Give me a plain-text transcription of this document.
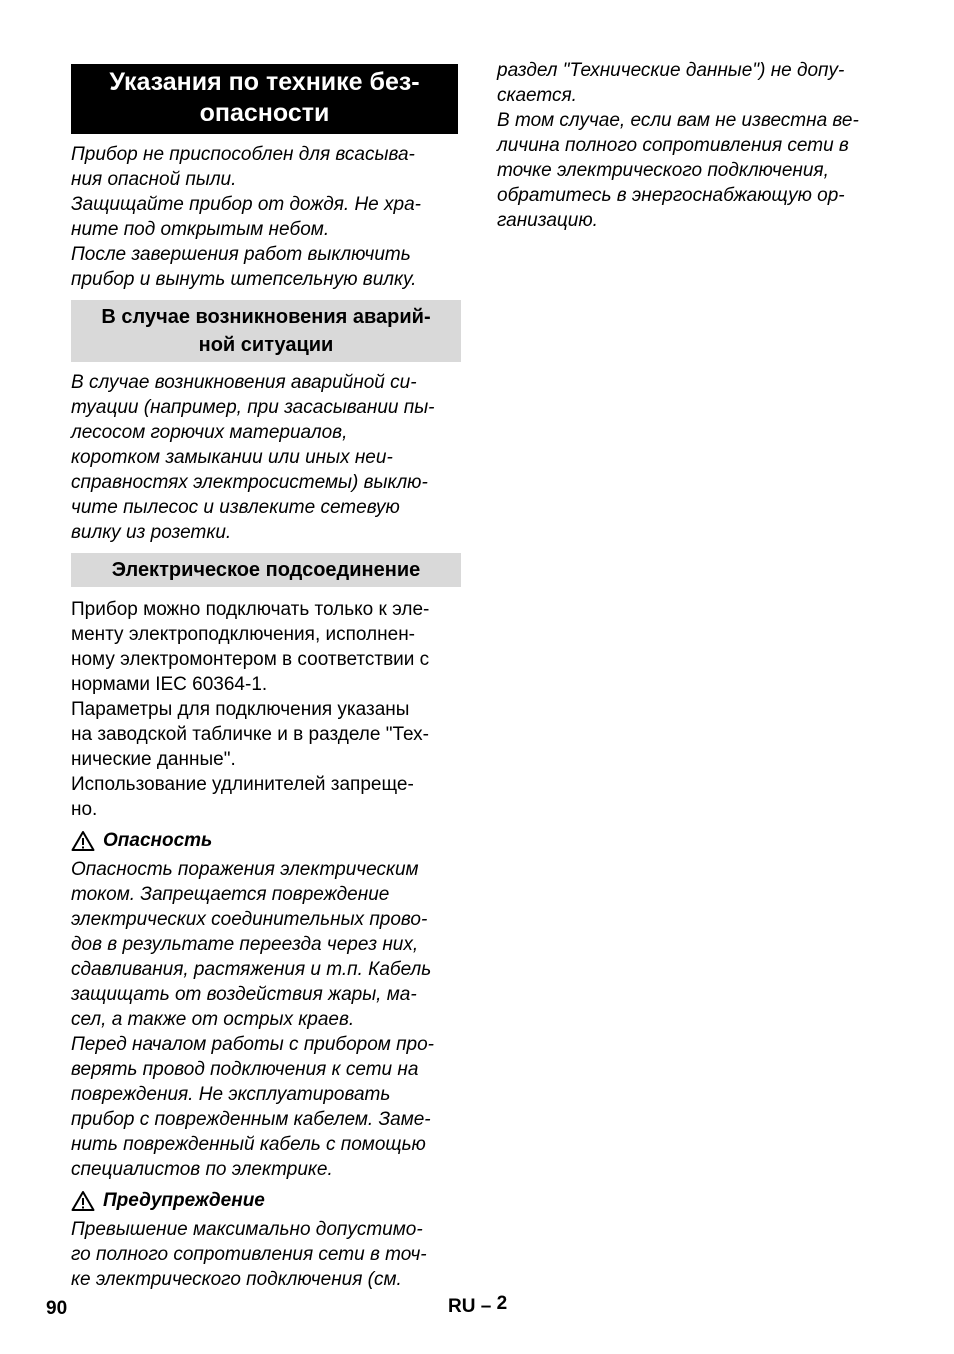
Указания по технике без-
опасности
Прибор не приспособлен для всасыва-
ния опасной пыли.
Защищайте прибор от дождя. Не хра-
ните под открытым небом.
После завершения работ выключить
прибор и вынуть штепсельную вилку.
В случае возникновения аварий-
ной ситуации
В случае возникновения аварийной си-
туации (например, при засасывании пы-
лесосом горючих материалов,
коротком замыкании или иных неи-
справностях электросистемы) выклю-
чите пылесос и извлеките сетевую
вилку из розетки.
Электрическое подсоединение
Прибор можно подключать только к эле-
менту электроподключения, исполнен-
ному электромонтером в соответствии с
нормами IEC 60364-1.
Параметры для подключения указаны
на заводской табличке и в разделе "Тех-
нические данные".
Использование удлинителей запреще-
но.
Опасность
Опасность поражения электрическим
током. Запрещается повреждение
электрических соединительных прово-
дов в результате переезда через них,
сдавливания, растяжения и т.п. Кабель
защищать от воздействия жары, ма-
сел, а также от острых краев.
Перед началом работы с прибором про-
верять провод подключения к сети на
повреждения. Не эксплуатировать
прибор с поврежденным кабелем. Заме-
нить поврежденный кабель с помощью
специалистов по электрике.
Предупреждение
Превышение максимально допустимо-
го полного сопротивления сети в точ-
ке электрического подключения (см.
раздел "Технические данные") не допу-
скается.
В том случае, если вам не известна ве-
личина полного сопротивления сети в
точке электрического подключения,
обратитесь в энергоснабжающую ор-
ганизацию.
90	RU – 2
